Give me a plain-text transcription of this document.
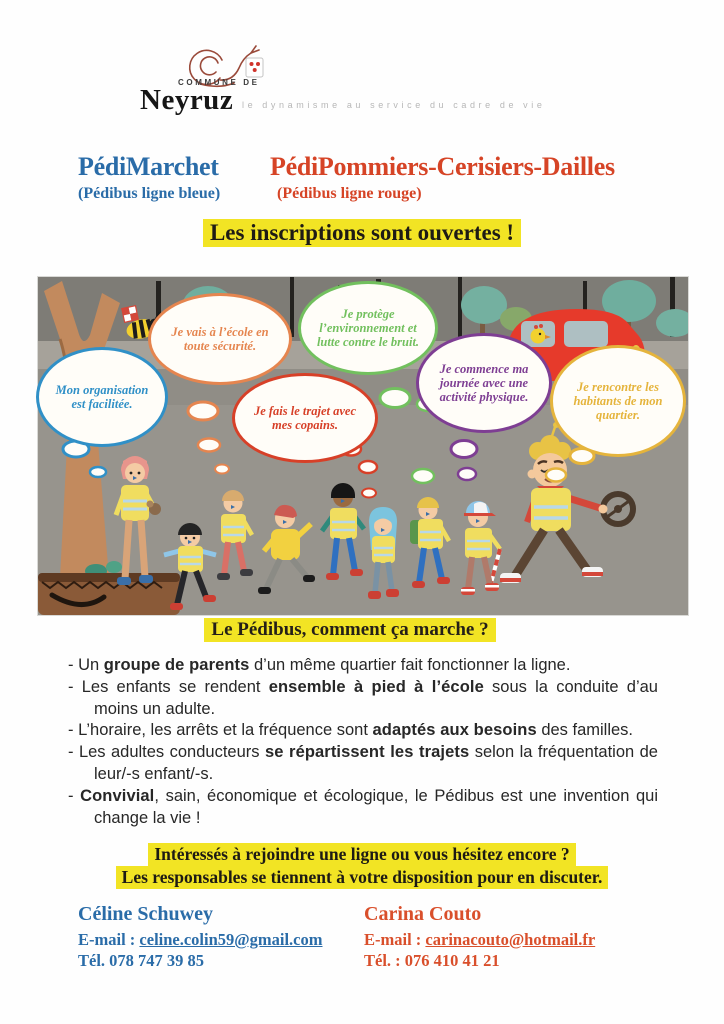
COMMUNE DE
Neyruz le dynamisme au service du cadre de vie
PédiMarchet
(Pédibus ligne bleue)
PédiPommiers-Cerisiers-Dailles
(Pédibus ligne rouge)
Les inscriptions sont ouvertes !
Mon organisation est facilitée.
Je vais à l’école en toute sécurité.
Je protège l’environnement et lutte contre le bruit.
Je fais le trajet avec mes copains.
Je commence ma journée avec une activité physique.
Je rencontre les habitants de mon quartier.
Le Pédibus, comment ça marche ?
- Un groupe de parents d’un même quartier fait fonctionner la ligne.
- Les enfants se rendent ensemble à pied à l’école sous la conduite d’au moins un adulte.
- L’horaire, les arrêts et la fréquence sont adaptés aux besoins des familles.
- Les adultes conducteurs se répartissent les trajets selon la fréquentation de leur/-s enfant/-s.
- Convivial, sain, économique et écologique, le Pédibus est une invention qui change la vie !
Intéressés à rejoindre une ligne ou vous hésitez encore ?
Les responsables se tiennent à votre disposition pour en discuter.
Céline Schuwey
E-mail : celine.colin59@gmail.com
Tél. 078 747 39 85
Carina Couto
E-mail : carinacouto@hotmail.fr
Tél. : 076 410 41 21
